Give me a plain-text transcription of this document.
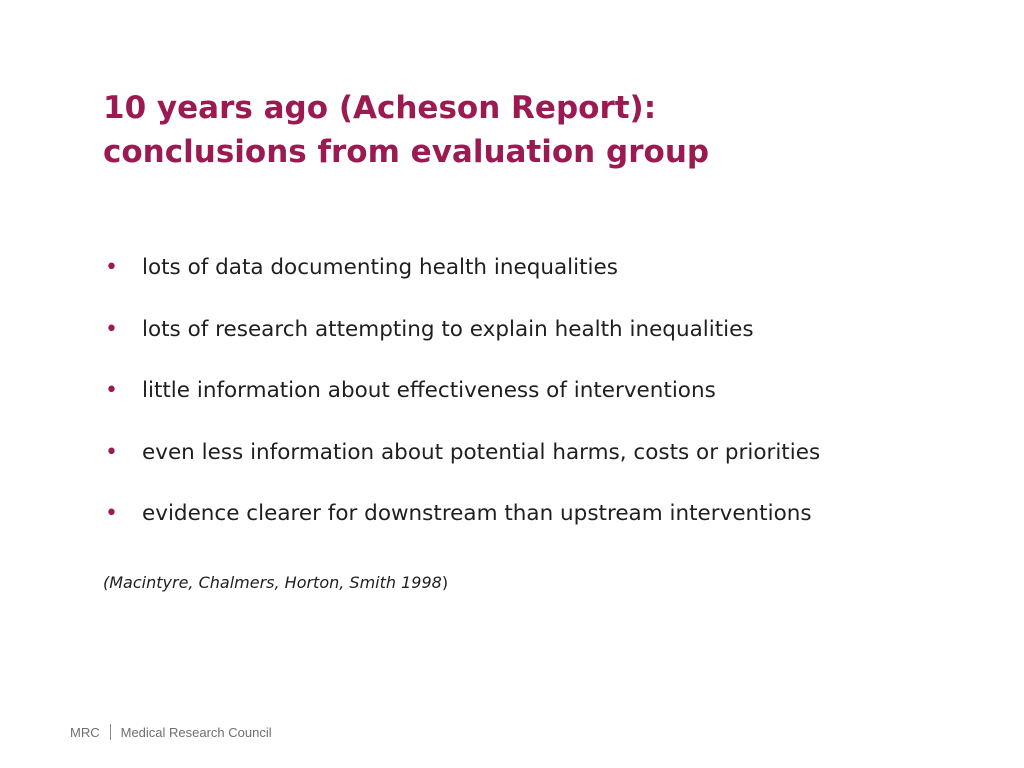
10 years ago (Acheson Report):
conclusions from evaluation group
•	lots of data documenting health inequalities
•	lots of research attempting to explain health inequalities
•	little information about effectiveness of interventions
•	even less information about potential harms, costs or priorities
•	evidence clearer for downstream than upstream interventions
(Macintyre, Chalmers, Horton, Smith 1998)
MRC Medical Research Council
